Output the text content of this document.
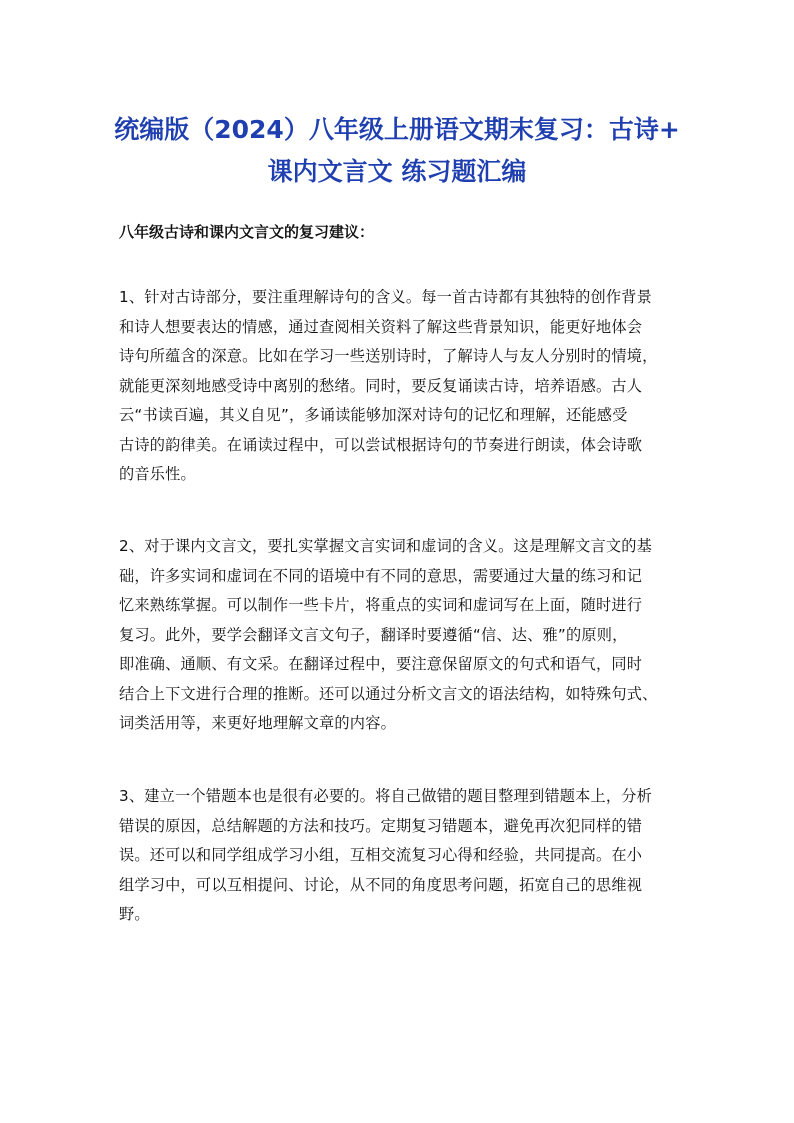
统编版（2024）八年级上册语文期末复习：古诗+
课内文言文 练习题汇编
八年级古诗和课内文言文的复习建议：
1、针对古诗部分，要注重理解诗句的含义。每一首古诗都有其独特的创作背景
和诗人想要表达的情感，通过查阅相关资料了解这些背景知识，能更好地体会
诗句所蕴含的深意。比如在学习一些送别诗时，了解诗人与友人分别时的情境，
就能更深刻地感受诗中离别的愁绪。同时，要反复诵读古诗，培养语感。古人
云“书读百遍，其义自见”，多诵读能够加深对诗句的记忆和理解，还能感受
古诗的韵律美。在诵读过程中，可以尝试根据诗句的节奏进行朗读，体会诗歌
的音乐性。
2、对于课内文言文，要扎实掌握文言实词和虚词的含义。这是理解文言文的基
础，许多实词和虚词在不同的语境中有不同的意思，需要通过大量的练习和记
忆来熟练掌握。可以制作一些卡片，将重点的实词和虚词写在上面，随时进行
复习。此外，要学会翻译文言文句子，翻译时要遵循“信、达、雅”的原则，
即准确、通顺、有文采。在翻译过程中，要注意保留原文的句式和语气，同时
结合上下文进行合理的推断。还可以通过分析文言文的语法结构，如特殊句式、
词类活用等，来更好地理解文章的内容。
3、建立一个错题本也是很有必要的。将自己做错的题目整理到错题本上，分析
错误的原因，总结解题的方法和技巧。定期复习错题本，避免再次犯同样的错
误。还可以和同学组成学习小组，互相交流复习心得和经验，共同提高。在小
组学习中，可以互相提问、讨论，从不同的角度思考问题，拓宽自己的思维视
野。
